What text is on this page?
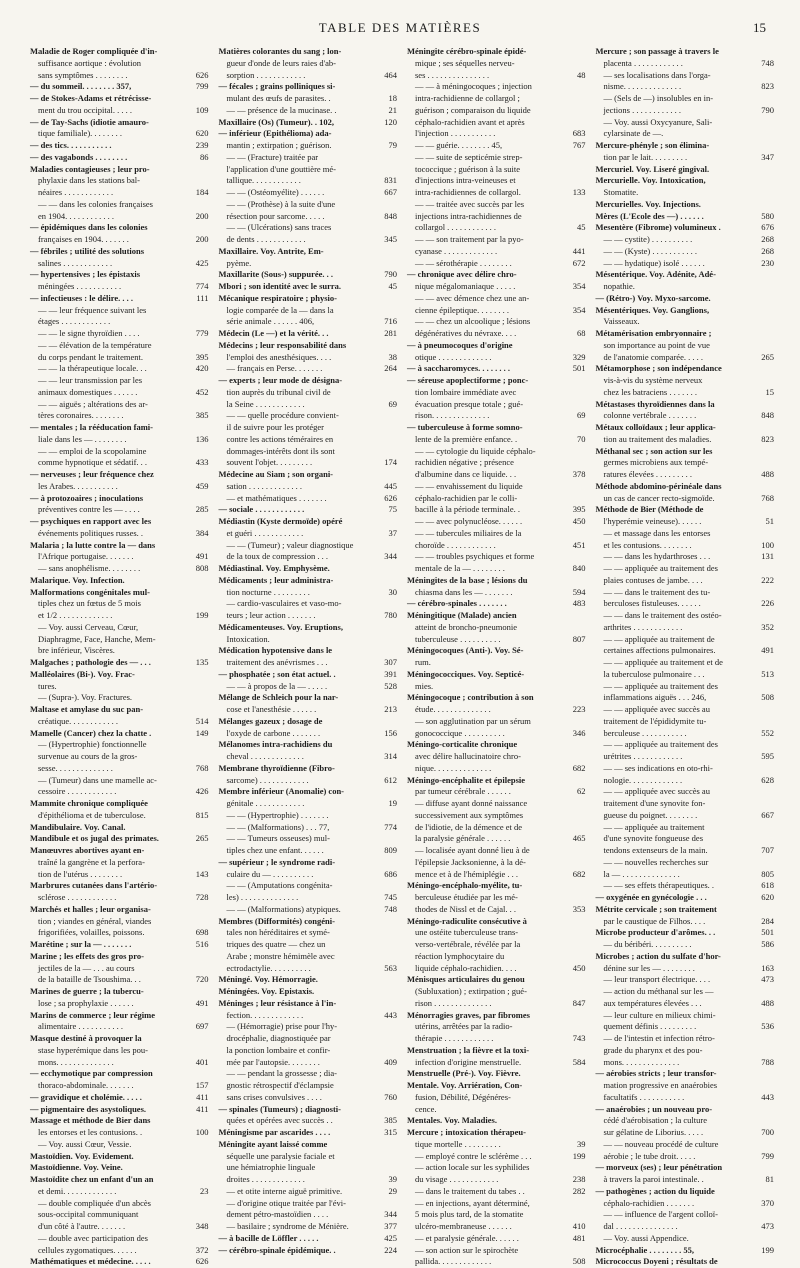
TABLE DES MATIÈRES	15
Maladie de Roger compliquée d'in-
suffisance aortique : évolution
sans symptômes . . . . . . . .	626
— du sommeil. . . . . . . . 357,	799
— de Stokes-Adams et rétrécisse-
ment du trou occipital. . . . .	109
— de Tay-Sachs (idiotie amauro-
tique familiale). . . . . . . .	620
— des tics. . . . . . . . . . .	239
— des vagabonds . . . . . . . .	86
Maladies contagieuses ; leur pro-
phylaxie dans les stations bal-
néaires . . . . . . . . . . . .	184
— — dans les colonies françaises
en 1904. . . . . . . . . . . .	200
— épidémiques dans les colonies
françaises en 1904. . . . . . .	200
— fébriles ; utilité des solutions
salines . . . . . . . . . . . .	425
— hypertensives ; les épistaxis
méningées . . . . . . . . . . .	774
— infectieuses : le délire. . . .	111
— — leur fréquence suivant les
étages . . . . . . . . . . . .
— — le signe thyroïdien . . . .	779
— — élévation de la température
du corps pendant le traitement.	395
— — la thérapeutique locale. . .	420
— — leur transmission par les
animaux domestiques . . . . . .	452
— — aiguës ; altérations des ar-
tères coronaires. . . . . . . .	385
— mentales ; la rééducation fami-
liale dans les — . . . . . . . .	136
— — emploi de la scopolamine
comme hypnotique et sédatif. . .	433
— nerveuses ; leur fréquence chez
les Arabes. . . . . . . . . . .	459
— à protozoaires ; inoculations
préventives contre les — . . . .	285
— psychiques en rapport avec les
événements politiques russes. .	384
Malaria ; la lutte contre la — dans
l'Afrique portugaise. . . . . . .	491
— sans anophélisme. . . . . . . .	808
Malarique. Voy. Infection.
Malformations congénitales mul-
tiples chez un fœtus de 5 mois
et 1/2 . . . . . . . . . . . . .	199
— Voy. aussi Cerveau, Cœur,
Diaphragme, Face, Hanche, Mem-
bre inférieur, Viscères.
Malgaches ; pathologie des — . . .	135
Malléolaires (Bi-). Voy. Frac-
tures.
— (Supra-). Voy. Fractures.
Maltase et amylase du suc pan-
créatique. . . . . . . . . . . .	514
Mamelle (Cancer) chez la chatte .	149
— (Hypertrophie) fonctionnelle
survenue au cours de la gros-
sesse. . . . . . . . . . . . . .	768
— (Tumeur) dans une mamelle ac-
cessoire . . . . . . . . . . . .	426
Mammite chronique compliquée
d'épithélioma et de tuberculose.	815
Mandibulaire. Voy. Canal.
Mandibule et os jugal des primates.	265
Manœuvres abortives ayant en-
traîné la gangrène et la perfora-
tion de l'utérus . . . . . . . .	143
Marbrures cutanées dans l'artério-
sclérose . . . . . . . . . . . .	728
Marchés et halles ; leur organisa-
tion ; viandes en général, viandes
frigorifiées, volailles, poissons.	698
Marétine ; sur la — . . . . . . .	516
Marine ; les effets des gros pro-
jectiles de la — . . . au cours
de la bataille de Tsoushima. . .	720
Marines de guerre ; la tubercu-
lose ; sa prophylaxie . . . . . .	491
Marins de commerce ; leur régime
alimentaire . . . . . . . . . . .	697
Masque destiné à provoquer la
stase hyperémique dans les pou-
mons. . . . . . . . . . . . . .	401
— ecchymotique par compression
thoraco-abdominale. . . . . . .	157
— gravidique et cholémie. . . . .	411
— pigmentaire des asystoliques.	411
Massage et méthode de Bier dans
les entorses et les contusions. .	100
— Voy. aussi Cœur, Vessie.
Mastoïdien. Voy. Evidement.
Mastoïdienne. Voy. Veine.
Mastoïdite chez un enfant d'un an
et demi. . . . . . . . . . . . .	23
— double compliquée d'un abcès
sous-occipital communiquant
d'un côté à l'autre. . . . . . .	348
— double avec participation des
cellules zygomatiques. . . . . .	372
Mathématiques et médecine. . . . .	626
Matières colorantes du sang ; lon-
gueur d'onde de leurs raies d'ab-
sorption . . . . . . . . . . . .	464
— fécales ; grains polliniques si-
mulant des œufs de parasites. .	18
— — présence de la mucinase. .	21
Maxillaire (Os) (Tumeur). . 102,	120
— inférieur (Epithélioma) ada-
mantin ; extirpation ; guérison.	79
— — (Fracture) traitée par
l'application d'une gouttière mé-
tallique. . . . . . . . . . . .	831
— — (Ostéomyélite) . . . . . .	667
— — (Prothèse) à la suite d'une
résection pour sarcome. . . . .	848
— — (Ulcérations) sans traces
de dents . . . . . . . . . . . .	345
Maxillaire. Voy. Antrite, Em-
pyème.
Maxillarite (Sous-) suppurée. . .	790
Mbori ; son identité avec le surra.	45
Mécanique respiratoire ; physio-
logie comparée de la — dans la
série animale . . . . . . 406,	716
Médecin (Le —) et la vérité. . .	281
Médecins ; leur responsabilité dans
l'emploi des anesthésiques. . . .	38
— français en Perse. . . . . . .	264
— experts ; leur mode de désigna-
tion auprès du tribunal civil de
la Seine . . . . . . . . . . . .	69
— — quelle procédure convient-
il de suivre pour les protéger
contre les actions téméraires en
dommages-intérêts dont ils sont
souvent l'objet. . . . . . . . .	174
Médecine au Siam ; son organi-
sation . . . . . . . . . . . . .	445
— et mathématiques . . . . . . .	626
— sociale . . . . . . . . . . . .	75
Médiastin (Kyste dermoïde) opéré
et guéri . . . . . . . . . . . .	37
— — (Tumeur) ; valeur diagnostique
de la toux de compression . . .	344
Médiastinal. Voy. Emphysème.
Médicaments ; leur administra-
tion nocturne . . . . . . . . .	30
— cardio-vasculaires et vaso-mo-
teurs ; leur action . . . . . . .	780
Médicamenteuses. Voy. Eruptions,
Intoxication.
Médication hypotensive dans le
traitement des anévrismes . . .	307
— phosphatée ; son état actuel. .	391
— — à propos de la — . . . . .	528
Mélange de Schleich pour la nar-
cose et l'anesthésie . . . . . .	213
Mélanges gazeux ; dosage de
l'oxyde de carbone . . . . . . .	156
Mélanomes intra-rachidiens du
cheval . . . . . . . . . . . . .	314
Membrane thyroïdienne (Fibro-
sarcome) . . . . . . . . . . . .	612
Membre inférieur (Anomalie) con-
génitale . . . . . . . . . . . .	19
— — (Hypertrophie) . . . . . . .
— — (Malformations) . . . 77,	774
— — Tumeurs osseuses) mul-
tiples chez une enfant. . . . . .	809
— supérieur ; le syndrome radi-
culaire du — . . . . . . . . . .	686
— — (Amputations congénita-
les) . . . . . . . . . . . . . .	745
— — (Malformations) atypiques.	748
Membres (Difformités) congéni-
tales non héréditaires et symé-
triques des quatre — chez un
Arabe ; monstre hémimèle avec
ectrodactylie. . . . . . . . . .	563
Méningé. Voy. Hémorragie.
Méningées. Voy. Epistaxis.
Méninges ; leur résistance à l'in-
fection. . . . . . . . . . . . .	443
— (Hémorragie) prise pour l'hy-
drocéphalie, diagnostiquée par
la ponction lombaire et confir-
mée par l'autopsie. . . . . . . .	409
— — pendant la grossesse ; dia-
gnostic rétrospectif d'éclampsie
sans crises convulsives . . . .	760
— spinales (Tumeurs) ; diagnosti-
quées et opérées avec succès . .	385
Méningisme par ascarides . . . .	315
Méningite ayant laissé comme
séquelle une paralysie faciale et
une hémiatrophie linguale
droites . . . . . . . . . . . . .	39
— et otite interne aiguë primitive.	29
— d'origine otique traitée par l'évi-
dement pétro-mastoïdien . . . .	344
— basilaire ; syndrome de Ménière.	377
— à bacille de Löffler . . . . .	425
— cérébro-spinale épidémique. .	224
Méningite cérébro-spinale épidé-
mique ; ses séquelles nerveu-
ses . . . . . . . . . . . . . . .	48
— — à méningocoques ; injection
intra-rachidienne de collargol ;
guérison ; comparaison du liquide
céphalo-rachidien avant et après
l'injection . . . . . . . . . . .	683
— — guérie. . . . . . . . 45,	767
— — suite de septicémie strep-
tococcique ; guérison à la suite
d'injections intra-veineuses et
intra-rachidiennes de collargol.	133
— — traitée avec succès par les
injections intra-rachidiennes de
collargol . . . . . . . . . . . .	45
— — son traitement par la pyo-
cyanase . . . . . . . . . . . . .	441
— — sérothérapie . . . . . . . .	672
— chronique avec délire chro-
nique mégalomaniaque . . . . .	354
— — avec démence chez une an-
cienne épileptique. . . . . . . .	354
— — chez un alcoolique ; lésions
dégénératives du névraxe. . . .	68
— à pneumocoques d'origine
otique . . . . . . . . . . . . .	329
— à saccharomyces. . . . . . . .	501
— séreuse apoplectiforme ; ponc-
tion lombaire immédiate avec
évacuation presque totale ; gué-
rison. . . . . . . . . . . . . .	69
— tuberculeuse à forme somno-
lente de la première enfance. .	70
— — cytologie du liquide céphalo-
rachidien négative ; présence
d'albumine dans ce liquide. . .	378
— — envahissement du liquide
céphalo-rachidien par le colli-
bacille à la période terminale. .	395
— — avec polynucléose. . . . . .	450
— — tubercules miliaires de la
choroïde . . . . . . . . . . . .	451
— — troubles psychiques et forme
mentale de la — . . . . . . . .	840
Méningites de la base ; lésions du
chiasma dans les — . . . . . . .	594
— cérébro-spinales . . . . . . .	483
Méningitique (Malade) ancien
atteint de broncho-pneumonie
tuberculeuse . . . . . . . . . .	807
Méningocoques (Anti-). Voy. Sé-
rum.
Méningococciques. Voy. Septicé-
mies.
Méningocoque ; contribution à son
étude. . . . . . . . . . . . . .	223
— son agglutination par un sérum
gonococcique . . . . . . . . . .	346
Méningo-corticalite chronique
avec délire hallucinatoire chro-
nique. . . . . . . . . . . . . .	682
Méningo-encéphalite et épilepsie
par tumeur cérébrale . . . . . .	62
— diffuse ayant donné naissance
successivement aux symptômes
de l'idiotie, de la démence et de
la paralysie générale . . . . . .	465
— localisée ayant donné lieu à de
l'épilepsie Jacksonienne, à la dé-
mence et à de l'hémiplégie . . .	682
Méningo-encéphalo-myélite, tu-
berculeuse étudiée par les mé-
thodes de Nissl et de Cajal. . .	353
Méningo-radiculite consécutive à
une ostéite tuberculeuse trans-
verso-vertébrale, révélée par la
réaction lymphocytaire du
liquide céphalo-rachidien. . . .	450
Ménisques articulaires du genou
(Subluxation) ; extirpation ; gué-
rison . . . . . . . . . . . . . .	847
Ménorragies graves, par fibromes
utérins, arrêtées par la radio-
thérapie . . . . . . . . . . . .	743
Menstruation ; la fièvre et la toxi-
infection d'origine menstruelle.	584
Menstruelle (Pré-). Voy. Fièvre.
Mentale. Voy. Arriération, Con-
fusion, Débilité, Dégénéres-
cence.
Mentales. Voy. Maladies.
Mercure ; intoxication thérapeu-
tique mortelle . . . . . . . . .	39
— employé contre le sclérème . . .	199
— action locale sur les syphilides
du visage . . . . . . . . . . . .	238
— dans le traitement du tabes . .	282
— en injections, ayant déterminé,
5 mois plus tard, de la stomatite
ulcéro-membraneuse . . . . . .	410
— et paralysie générale. . . . . .	481
— son action sur le spirochète
pallida. . . . . . . . . . . . .	508
Mercure ; son passage à travers le
placenta . . . . . . . . . . . .	748
— ses localisations dans l'orga-
nisme. . . . . . . . . . . . . .	823
— (Sels de —) insolubles en in-
jections . . . . . . . . . . . .	790
— Voy. aussi Oxycyanure, Sali-
cylarsinate de —.
Mercure-phényle ; son élimina-
tion par le lait. . . . . . . . .	347
Mercuriel. Voy. Liseré gingival.
Mercurielle. Voy. Intoxication,
Stomatite.
Mercurielles. Voy. Injections.
Mères (L'Ecole des —) . . . . . .	580
Mesentère (Fibrome) volumineux .	676
— — cystite) . . . . . . . . . .	268
— — (Kyste) . . . . . . . . . . .	268
— — hydatique) isolé . . . . . .	230
Mésentérique. Voy. Adénite, Adé-
nopathie.
— (Rétro-) Voy. Myxo-sarcome.
Mésentériques. Voy. Ganglions,
Vaisseaux.
Métamérisation embryonnaire ;
son importance au point de vue
de l'anatomie comparée. . . . .	265
Métamorphose ; son indépendance
vis-à-vis du système nerveux
chez les batraciens . . . . . . .	15
Métastases thyroïdiennes dans la
colonne vertébrale . . . . . . .	848
Métaux colloïdaux ; leur applica-
tion au traitement des maladies.	823
Méthanal sec ; son action sur les
germes microbiens aux tempé-
ratures élevées . . . . . . . . .	488
Méthode abdomino-périnéale dans
un cas de cancer recto-sigmoïde.	768
Méthode de Bier (Méthode de
l'hyperémie veineuse). . . . . .	51
— et massage dans les entorses
et les contusions. . . . . . . .	100
— — dans les hydarthroses . . .	131
— — appliquée au traitement des
plaies contuses de jambe. . . .	222
— — dans le traitement des tu-
berculoses fistuleuses. . . . . .	226
— — dans le traitement des ostéo-
arthrites . . . . . . . . . . . .	352
— — appliquée au traitement de
certaines affections pulmonaires.	491
— — appliquée au traitement et de
la tuberculose pulmonaire . . .	513
— — appliquée au traitement des
inflammations aiguës . . . 246,	508
— — appliquée avec succès au
traitement de l'épididymite tu-
berculeuse . . . . . . . . . . .	552
— — appliquée au traitement des
urétrites . . . . . . . . . . . .	595
— — ses indications en oto-rhi-
nologie. . . . . . . . . . . . .	628
— — appliquée avec succès au
traitement d'une synovite fon-
gueuse du poignet. . . . . . . .	667
— — appliquée au traitement
d'une synovite fongueuse des
tendons extenseurs de la main.	707
— — nouvelles recherches sur
la — . . . . . . . . . . . . . .	805
— — ses effets thérapeutiques. .	618
— oxygénée en gynécologie . . .	620
Métrite cervicale ; son traitement
par le caustique de Filhos. . . .	284
Microbe producteur d'arômes. . .	501
— du béribéri. . . . . . . . . .	586
Microbes ; action du sulfate d'hor-
dénine sur les — . . . . . . . .	163
— leur transport électrique. . . .	473
— action du méthanal sur les —
aux températures élevées . . .	488
— leur culture en milieux chimi-
quement définis . . . . . . . . .	536
— de l'intestin et infection rétro-
grade du pharynx et des pou-
mons. . . . . . . . . . . . . .	788
— aérobies stricts ; leur transfor-
mation progressive en anaérobies
facultatifs . . . . . . . . . . .	443
— anaérobies ; un nouveau pro-
cédé d'aérobisation ; la culture
sur gélatine de Liborius. . . . .	700
— — nouveau procédé de culture
aérobie ; le tube droit. . . . .	799
— morveux (ses) ; leur pénétration
à travers la paroi intestinale. .	81
— pathogènes ; action du liquide
céphalo-rachidien . . . . . . .	370
— — influence de l'argent colloï-
dal . . . . . . . . . . . . . . .	473
— Voy. aussi Appendice.
Microcéphalie . . . . . . . . 55,	199
Micrococcus Doyeni ; résultats de
